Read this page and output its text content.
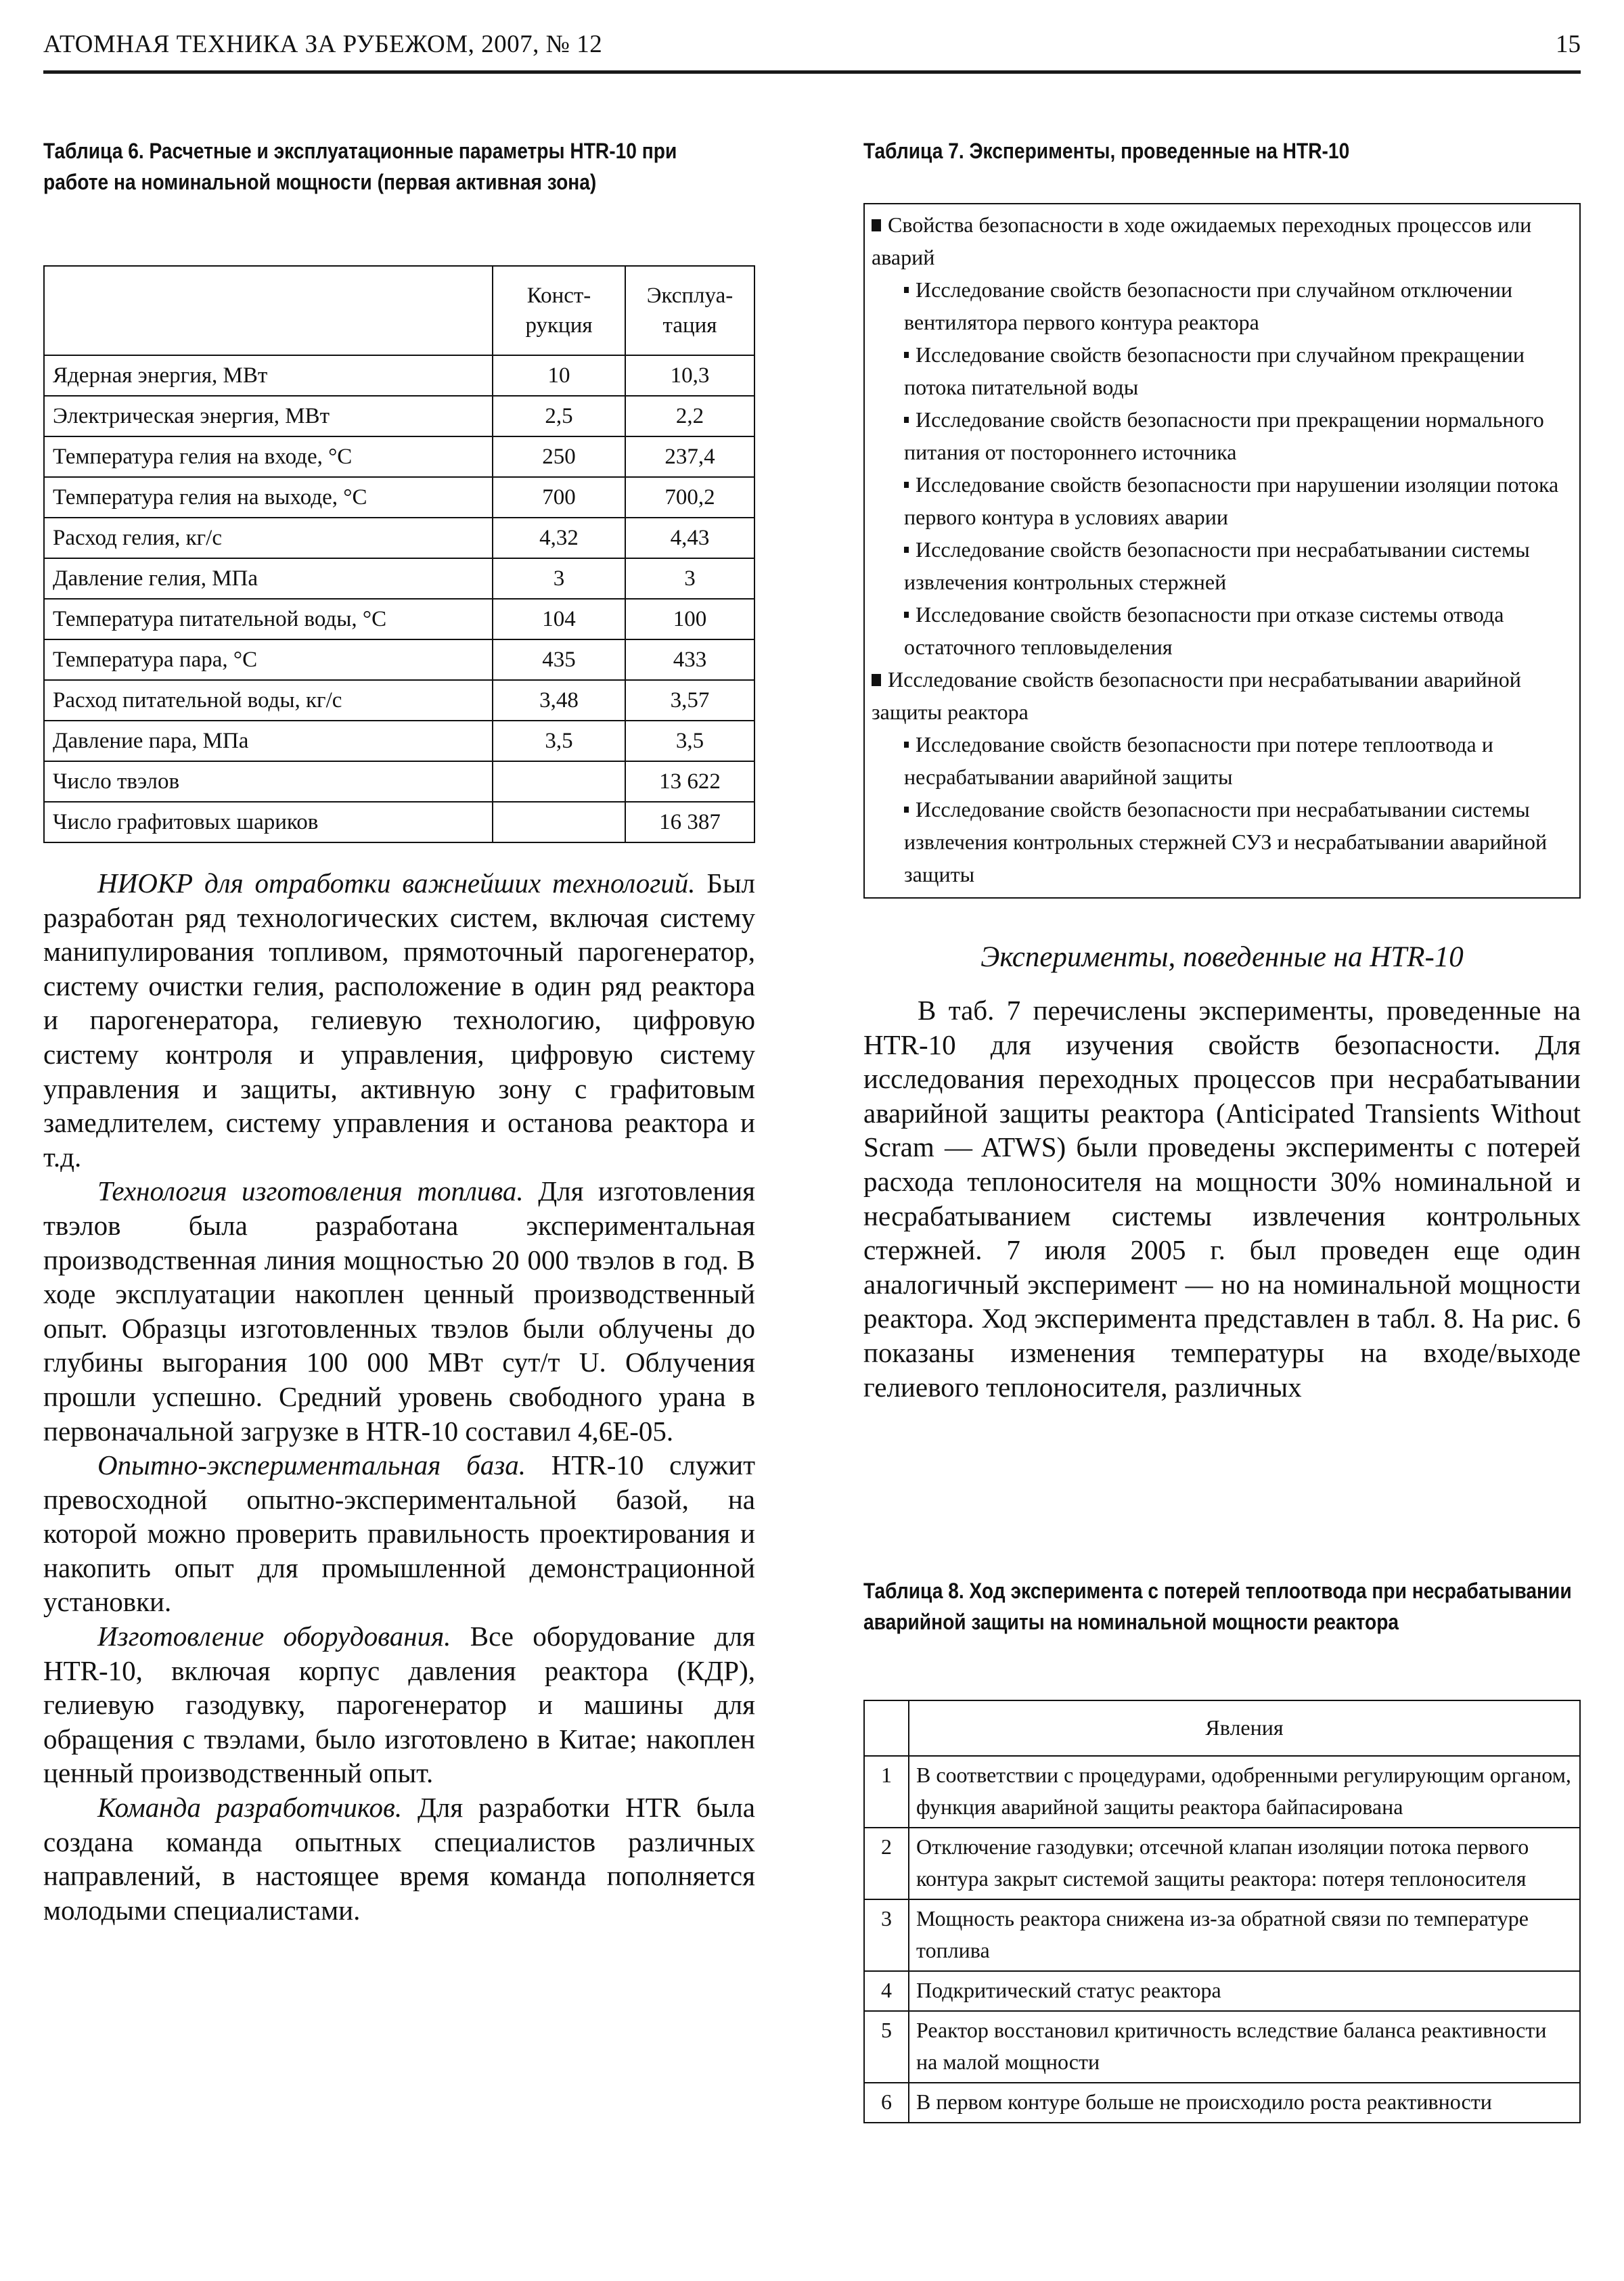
АТОМНАЯ ТЕХНИКА ЗА РУБЕЖОМ, 2007, № 12	15
Таблица 6. Расчетные и эксплуатационные параметры HTR-10 при работе на номинальной мощности (первая активная зона)
	Конст-рукция	Эксплуа-тация
Ядерная энергия, МВт	10	10,3
Электрическая энергия, МВт	2,5	2,2
Температура гелия на входе, °С	250	237,4
Температура гелия на выходе, °С	700	700,2
Расход гелия, кг/с	4,32	4,43
Давление гелия, МПа	3	3
Температура питательной воды, °С	104	100
Температура пара, °С	435	433
Расход питательной воды, кг/с	3,48	3,57
Давление пара, МПа	3,5	3,5
Число твэлов		13 622
Число графитовых шариков		16 387

НИОКР для отработки важнейших технологий. Был разработан ряд технологических систем, включая систему манипулирования топливом, прямоточный парогенератор, систему очистки гелия, расположение в один ряд реактора и парогенератора, гелиевую технологию, цифровую систему контроля и управления, цифровую систему управления и защиты, активную зону с графитовым замедлителем, систему управления и останова реактора и т.д.

Технология изготовления топлива. Для изготовления твэлов была разработана экспериментальная производственная линия мощностью 20 000 твэлов в год. В ходе эксплуатации накоплен ценный производственный опыт. Образцы изготовленных твэлов были облучены до глубины выгорания 100 000 МВт сут/т U. Облучения прошли успешно. Средний уровень свободного урана в первоначальной загрузке в HTR-10 составил 4,6E-05.

Опытно-экспериментальная база. HTR-10 служит превосходной опытно-экспериментальной базой, на которой можно проверить правильность проектирования и накопить опыт для промышленной демонстрационной установки.

Изготовление оборудования. Все оборудование для HTR-10, включая корпус давления реактора (КДР), гелиевую газодувку, парогенератор и машины для обращения с твэлами, было изготовлено в Китае; накоплен ценный производственный опыт.

Команда разработчиков. Для разработки HTR была создана команда опытных специалистов различных направлений, в настоящее время команда пополняется молодыми специалистами.

Таблица 7. Эксперименты, проведенные на HTR-10

Свойства безопасности в ходе ожидаемых переходных процессов или аварий

Исследование свойств безопасности при случайном отключении вентилятора первого контура реактора

Исследование свойств безопасности при случайном прекращении потока питательной воды

Исследование свойств безопасности при прекращении нормального питания от постороннего источника

Исследование свойств безопасности при нарушении изоляции потока первого контура в условиях аварии

Исследование свойств безопасности при несрабатывании системы извлечения контрольных стержней

Исследование свойств безопасности при отказе системы отвода остаточного тепловыделения

Исследование свойств безопасности при несрабатывании аварийной защиты реактора

Исследование свойств безопасности при потере теплоотвода и несрабатывании аварийной защиты

Исследование свойств безопасности при несрабатывании системы извлечения контрольных стержней СУЗ и несрабатывании аварийной защиты

Эксперименты, поведенные на HTR-10

В таб. 7 перечислены эксперименты, проведенные на HTR-10 для изучения свойств безопасности. Для исследования переходных процессов при несрабатывании аварийной защиты реактора (Anticipated Transients Without Scram — ATWS) были проведены эксперименты с потерей расхода теплоносителя на мощности 30% номинальной и несрабатыванием системы извлечения контрольных стержней. 7 июля 2005 г. был проведен еще один аналогичный эксперимент — но на номинальной мощности реактора. Ход эксперимента представлен в табл. 8. На рис. 6 показаны изменения температуры на входе/выходе гелиевого теплоносителя, различных

Таблица 8. Ход эксперимента с потерей теплоотвода при несрабатывании аварийной защиты на номинальной мощности реактора
	Явления
1	В соответствии с процедурами, одобренными регулирующим органом, функция аварийной защиты реактора байпасирована
2	Отключение газодувки; отсечной клапан изоляции потока первого контура закрыт системой защиты реактора: потеря теплоносителя
3	Мощность реактора снижена из-за обратной связи по температуре топлива
4	Подкритический статус реактора
5	Реактор восстановил критичность вследствие баланса реактивности на малой мощности
6	В первом контуре больше не происходило роста реактивности
